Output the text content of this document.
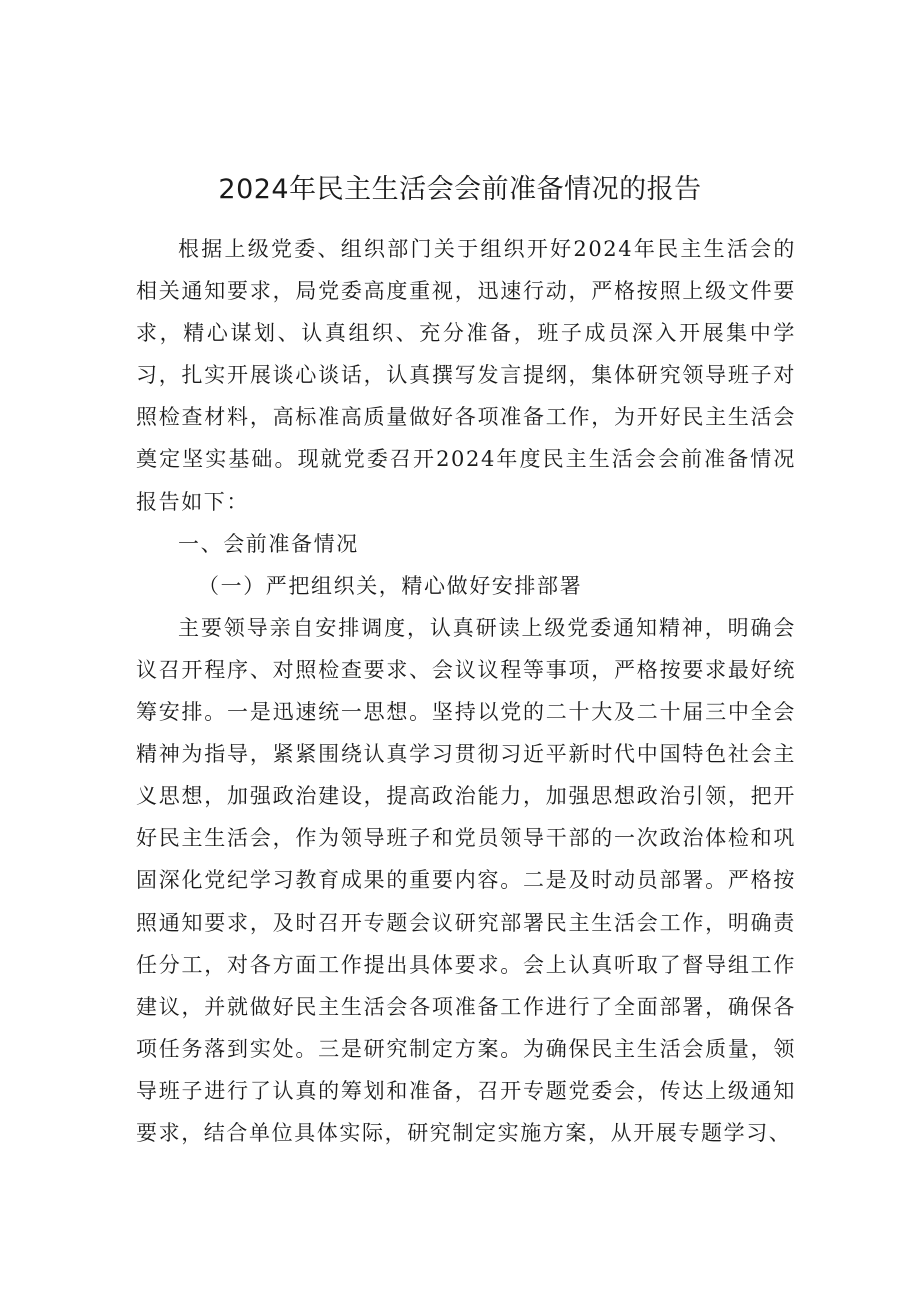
2024年民主生活会会前准备情况的报告

根据上级党委、组织部门关于组织开好2024年民主生活会的相关通知要求，局党委高度重视，迅速行动，严格按照上级文件要求，精心谋划、认真组织、充分准备，班子成员深入开展集中学习，扎实开展谈心谈话，认真撰写发言提纲，集体研究领导班子对照检查材料，高标准高质量做好各项准备工作，为开好民主生活会奠定坚实基础。现就党委召开2024年度民主生活会会前准备情况报告如下：

一、会前准备情况

（一）严把组织关，精心做好安排部署

主要领导亲自安排调度，认真研读上级党委通知精神，明确会议召开程序、对照检查要求、会议议程等事项，严格按要求最好统筹安排。一是迅速统一思想。坚持以党的二十大及二十届三中全会精神为指导，紧紧围绕认真学习贯彻习近平新时代中国特色社会主义思想，加强政治建设，提高政治能力，加强思想政治引领，把开好民主生活会，作为领导班子和党员领导干部的一次政治体检和巩固深化党纪学习教育成果的重要内容。二是及时动员部署。严格按照通知要求，及时召开专题会议研究部署民主生活会工作，明确责任分工，对各方面工作提出具体要求。会上认真听取了督导组工作建议，并就做好民主生活会各项准备工作进行了全面部署，确保各项任务落到实处。三是研究制定方案。为确保民主生活会质量，领导班子进行了认真的筹划和准备，召开专题党委会，传达上级通知要求，结合单位具体实际，研究制定实施方案，从开展专题学习、
